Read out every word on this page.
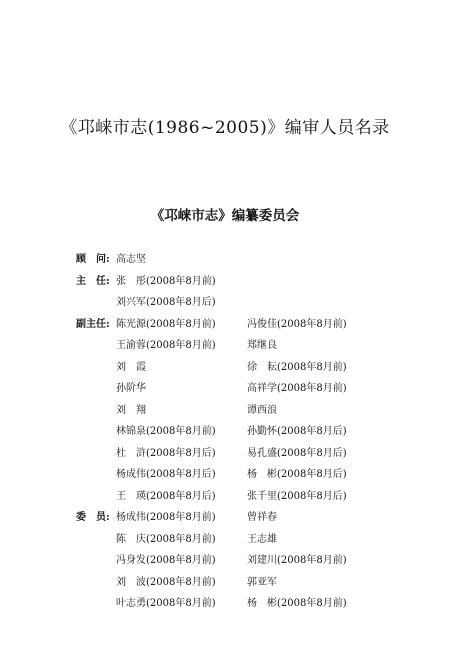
《邛崃市志(1986~2005)》编审人员名录
《邛崃市志》编纂委员会
顾　问: 高志坚
主　任: 张　彤(2008年8月前)
刘兴军(2008年8月后)
副主任: 陈光源(2008年8月前)	冯俊佳(2008年8月前)
王渝蓉(2008年8月前)	郑继良
刘　霞	徐　耘(2008年8月前)
孙阶华	高祥学(2008年8月前)
刘　翔	谭西浪
林锦泉(2008年8月前)	孙勤怀(2008年8月后)
杜　浒(2008年8月后)	易孔盛(2008年8月后)
杨成伟(2008年8月后)	杨　彬(2008年8月后)
王　瑛(2008年8月后)	张千里(2008年8月后)
委　员: 杨成伟(2008年8月前)	曾祥春
陈　庆(2008年8月前)	王志雄
冯身发(2008年8月前)	刘建川(2008年8月前)
刘　波(2008年8月前)	郭亚军
叶志勇(2008年8月前)	杨　彬(2008年8月前)
